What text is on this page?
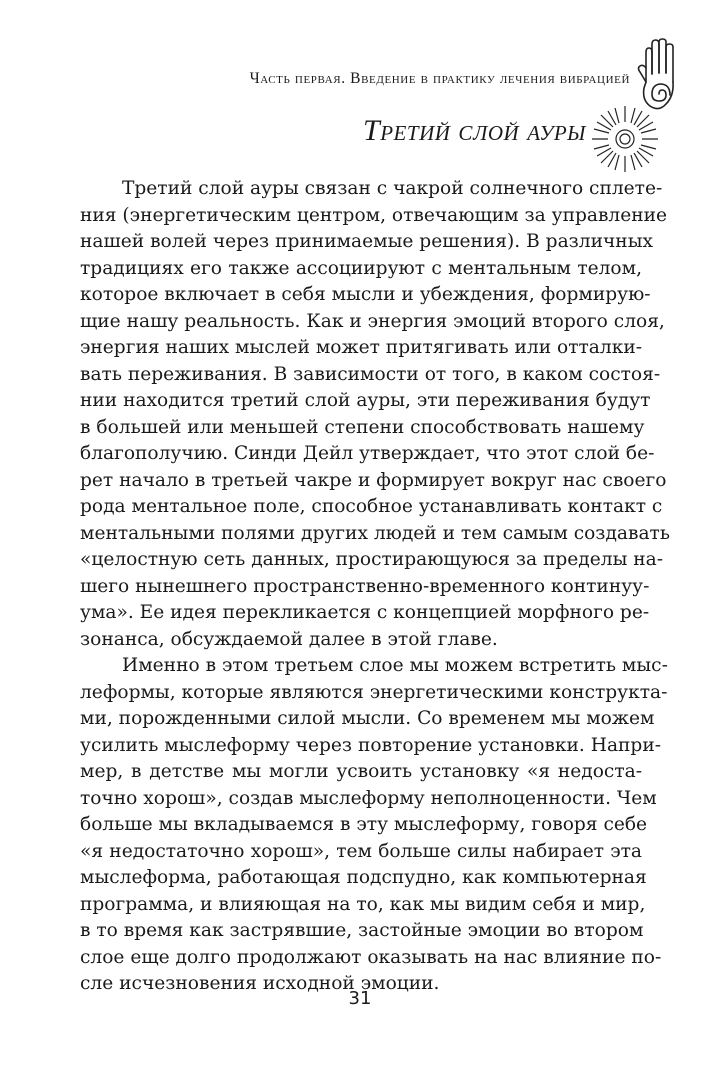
Часть первая. Введение в практику лечения вибрацией
Третий слой ауры
Третий слой ауры связан с чакрой солнечного сплете-
ния (энергетическим центром, отвечающим за управление
нашей волей через принимаемые решения). В различных
традициях его также ассоциируют с ментальным телом,
которое включает в себя мысли и убеждения, формирую-
щие нашу реальность. Как и энергия эмоций второго слоя,
энергия наших мыслей может притягивать или отталки-
вать переживания. В зависимости от того, в каком состоя-
нии находится третий слой ауры, эти переживания будут
в большей или меньшей степени способствовать нашему
благополучию. Синди Дейл утверждает, что этот слой бе-
рет начало в третьей чакре и формирует вокруг нас своего
рода ментальное поле, способное устанавливать контакт с
ментальными полями других людей и тем самым создавать
«целостную сеть данных, простирающуюся за пределы на-
шего нынешнего пространственно-временного континуу-
ума». Ее идея перекликается с концепцией морфного ре-
зонанса, обсуждаемой далее в этой главе.
Именно в этом третьем слое мы можем встретить мыс-
леформы, которые являются энергетическими конструкта-
ми, порожденными силой мысли. Со временем мы можем
усилить мыслеформу через повторение установки. Напри-
мер, в детстве мы могли усвоить установку «я недоста-
точно хорош», создав мыслеформу неполноценности. Чем
больше мы вкладываемся в эту мыслеформу, говоря себе
«я недостаточно хорош», тем больше силы набирает эта
мыслеформа, работающая подспудно, как компьютерная
программа, и влияющая на то, как мы видим себя и мир,
в то время как застрявшие, застойные эмоции во втором
слое еще долго продолжают оказывать на нас влияние по-
сле исчезновения исходной эмоции.
31
